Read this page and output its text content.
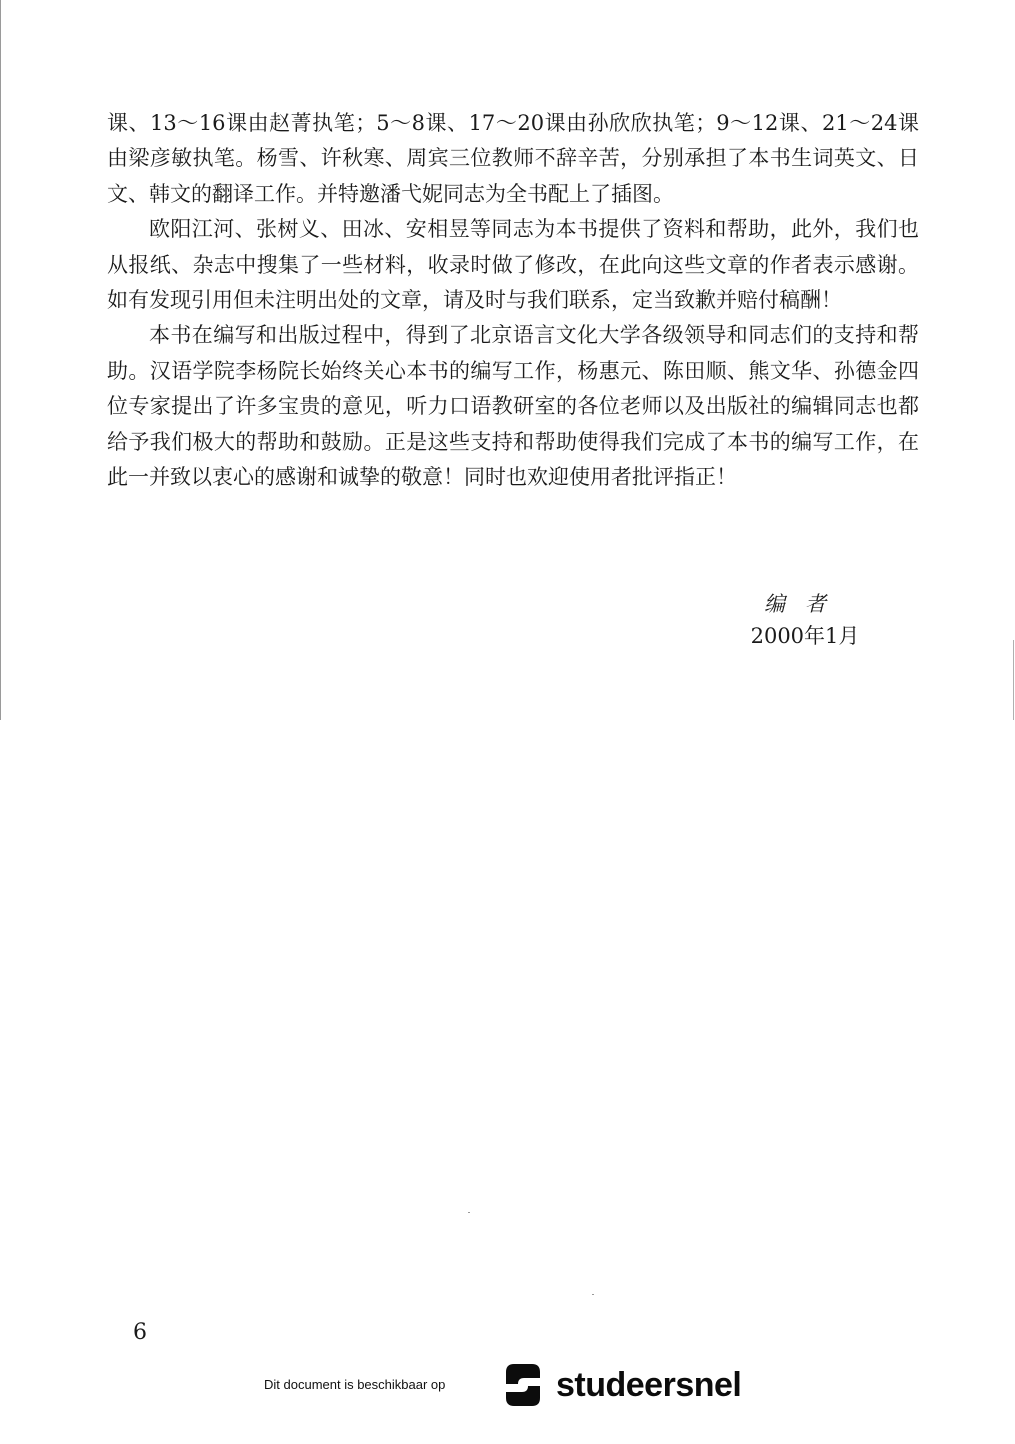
课、13～16课由赵菁执笔；5～8课、17～20课由孙欣欣执笔；9～12课、21～24课由梁彦敏执笔。杨雪、许秋寒、周宾三位教师不辞辛苦，分别承担了本书生词英文、日文、韩文的翻译工作。并特邀潘弋妮同志为全书配上了插图。

欧阳江河、张树义、田冰、安相昱等同志为本书提供了资料和帮助，此外，我们也从报纸、杂志中搜集了一些材料，收录时做了修改，在此向这些文章的作者表示感谢。如有发现引用但未注明出处的文章，请及时与我们联系，定当致歉并赔付稿酬！

本书在编写和出版过程中，得到了北京语言文化大学各级领导和同志们的支持和帮助。汉语学院李杨院长始终关心本书的编写工作，杨惠元、陈田顺、熊文华、孙德金四位专家提出了许多宝贵的意见，听力口语教研室的各位老师以及出版社的编辑同志也都给予我们极大的帮助和鼓励。正是这些支持和帮助使得我们完成了本书的编写工作，在此一并致以衷心的感谢和诚挚的敬意！同时也欢迎使用者批评指正！

编者
2000年1月
6
Dit document is beschikbaar op	studeersnel
